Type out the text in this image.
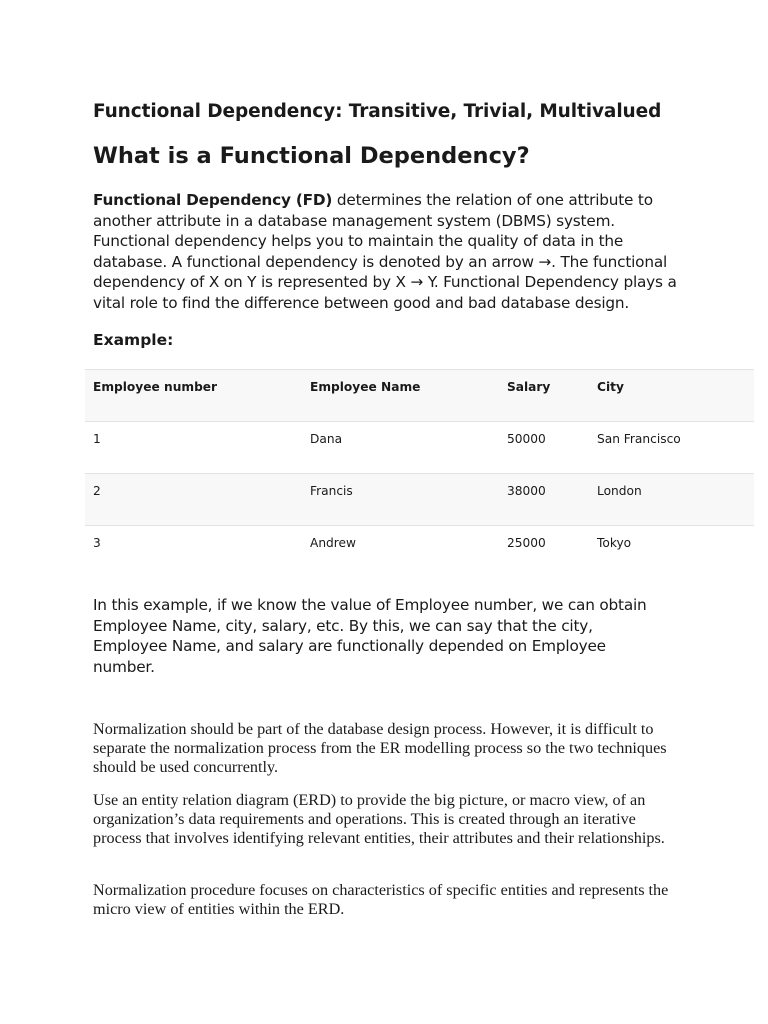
Functional Dependency: Transitive, Trivial, Multivalued
What is a Functional Dependency?

Functional Dependency (FD) determines the relation of one attribute to another attribute in a database management system (DBMS) system. Functional dependency helps you to maintain the quality of data in the database. A functional dependency is denoted by an arrow →. The functional dependency of X on Y is represented by X → Y. Functional Dependency plays a vital role to find the difference between good and bad database design.

Example:
Employee number	Employee Name	Salary	City
1	Dana	50000	San Francisco
2	Francis	38000	London
3	Andrew	25000	Tokyo

In this example, if we know the value of Employee number, we can obtain Employee Name, city, salary, etc. By this, we can say that the city, Employee Name, and salary are functionally depended on Employee number.

Normalization should be part of the database design process. However, it is difficult to separate the normalization process from the ER modelling process so the two techniques should be used concurrently.

Use an entity relation diagram (ERD) to provide the big picture, or macro view, of an organization’s data requirements and operations. This is created through an iterative process that involves identifying relevant entities, their attributes and their relationships.

Normalization procedure focuses on characteristics of specific entities and represents the micro view of entities within the ERD.
